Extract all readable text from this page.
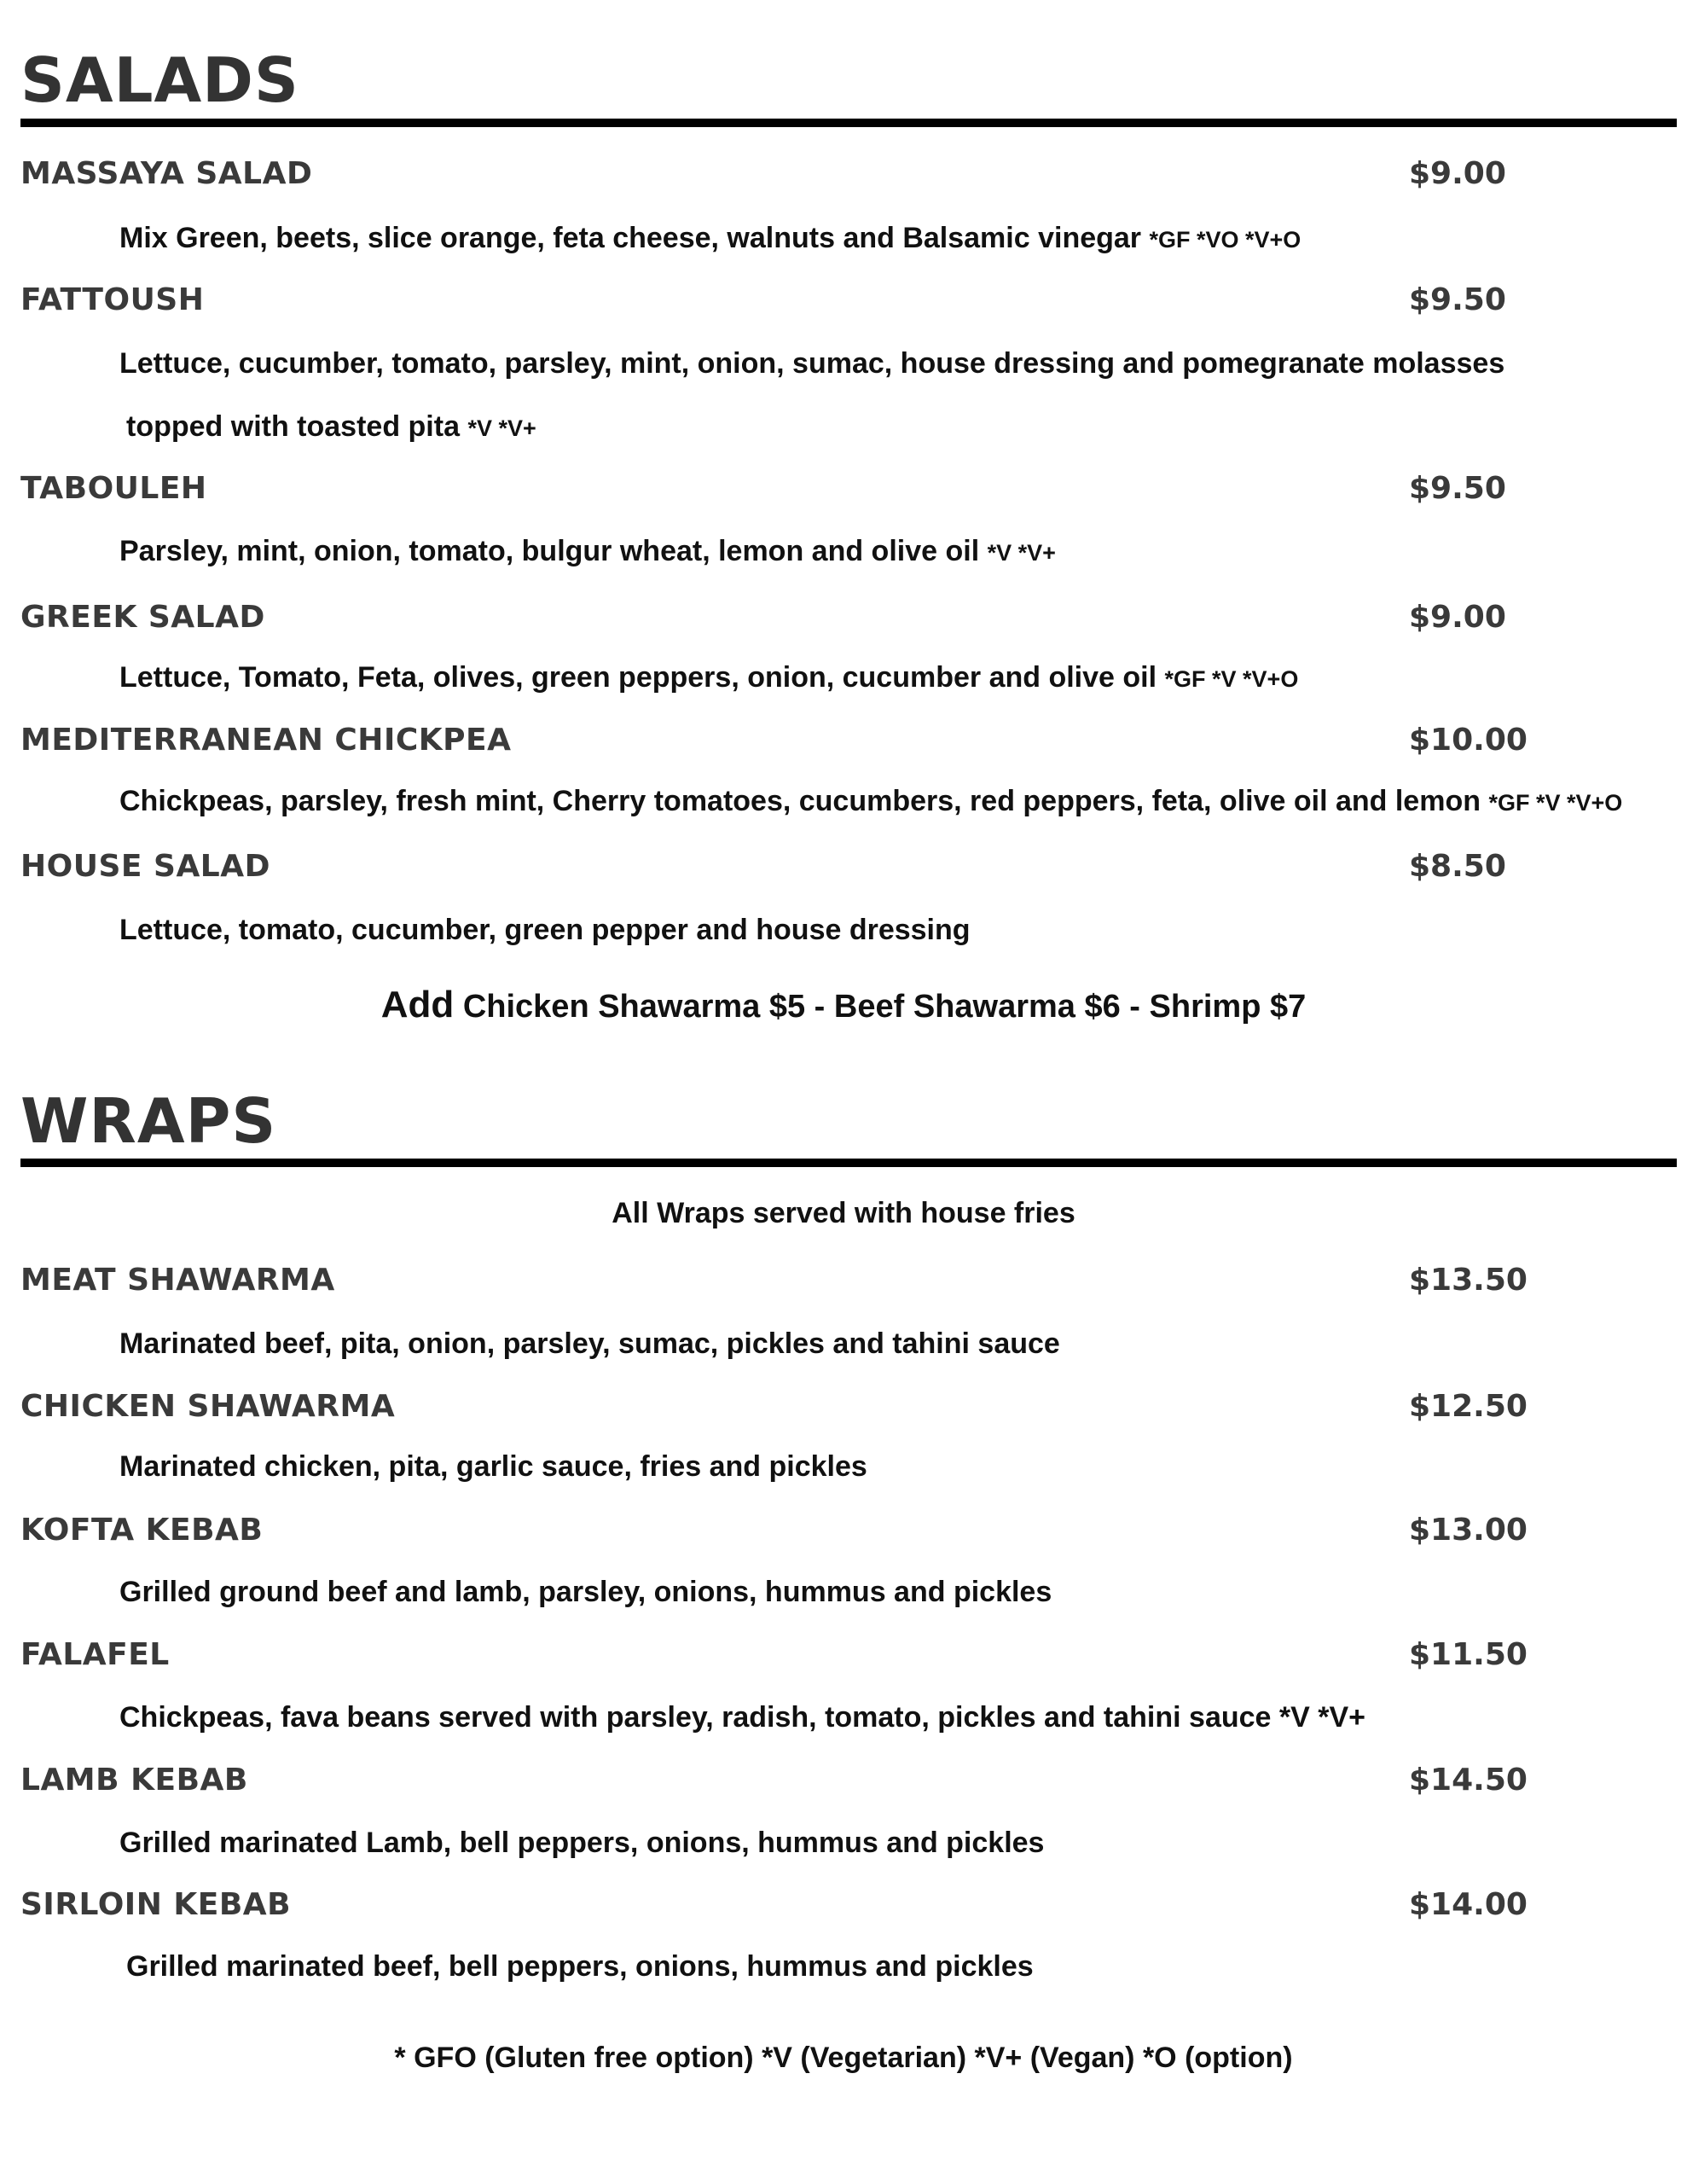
SALADS

MASSAYA SALAD	$9.00

Mix Green, beets, slice orange, feta cheese, walnuts and Balsamic vinegar *GF *VO *V+O

FATTOUSH	$9.50

Lettuce, cucumber, tomato, parsley, mint, onion, sumac, house dressing and pomegranate molasses

topped with toasted pita *V *V+

TABOULEH	$9.50

Parsley, mint, onion, tomato, bulgur wheat, lemon and olive oil *V *V+

GREEK SALAD	$9.00

Lettuce, Tomato, Feta, olives, green peppers, onion, cucumber and olive oil *GF *V *V+O

MEDITERRANEAN CHICKPEA	$10.00

Chickpeas, parsley, fresh mint, Cherry tomatoes, cucumbers, red peppers, feta, olive oil and lemon *GF *V *V+O

HOUSE SALAD	$8.50

Lettuce, tomato, cucumber, green pepper and house dressing

Add Chicken Shawarma $5 - Beef Shawarma $6 - Shrimp $7

WRAPS

All Wraps served with house fries

MEAT SHAWARMA	$13.50

Marinated beef, pita, onion, parsley, sumac, pickles and tahini sauce

CHICKEN SHAWARMA	$12.50

Marinated chicken, pita, garlic sauce, fries and pickles

KOFTA KEBAB	$13.00

Grilled ground beef and lamb, parsley, onions, hummus and pickles

FALAFEL	$11.50

Chickpeas, fava beans served with parsley, radish, tomato, pickles and tahini sauce *V *V+

LAMB KEBAB	$14.50

Grilled marinated Lamb, bell peppers, onions, hummus and pickles

SIRLOIN KEBAB	$14.00

Grilled marinated beef, bell peppers, onions, hummus and pickles

* GFO (Gluten free option) *V (Vegetarian) *V+ (Vegan) *O (option)
